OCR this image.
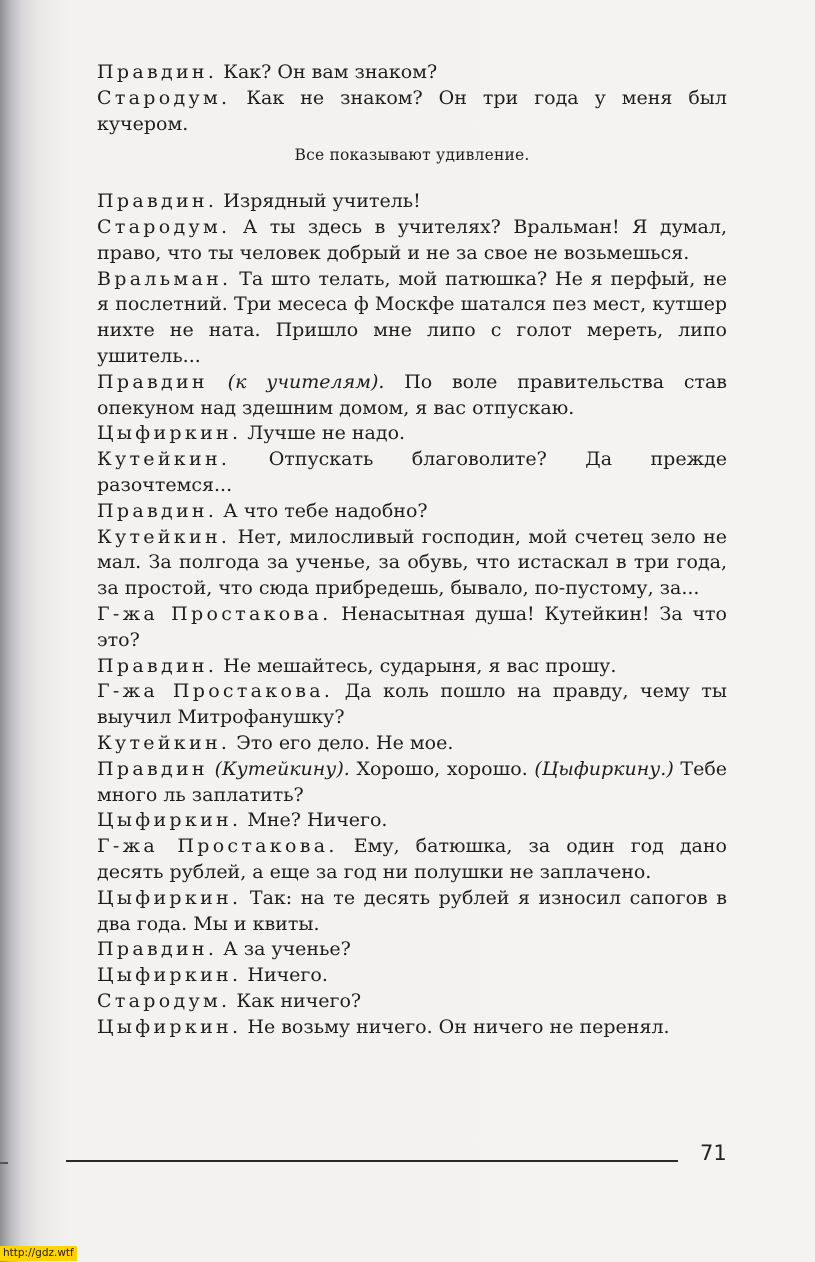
Правдин. Как? Он вам знаком?

Стародум. Как не знаком? Он три года у меня был кучером.

Все показывают удивление.

Правдин. Изрядный учитель!

Стародум. А ты здесь в учителях? Вральман! Я думал, право, что ты человек добрый и не за свое не возьмешься.

Вральман. Та што телать, мой патюшка? Не я перфый, не я послетний. Три месеса ф Москфе шатался пез мест, кутшер нихте не ната. Пришло мне липо с голот мереть, липо ушитель...

Правдин (к учителям). По воле правительства став опекуном над здешним домом, я вас отпускаю.

Цыфиркин. Лучше не надо.

Кутейкин. Отпускать благоволите? Да прежде разочтемся...

Правдин. А что тебе надобно?

Кутейкин. Нет, милосливый господин, мой счетец зело не мал. За полгода за ученье, за обувь, что истаскал в три года, за простой, что сюда прибредешь, бывало, по-пустому, за...

Г-жа Простакова. Ненасытная душа! Кутейкин! За что это?

Правдин. Не мешайтесь, сударыня, я вас прошу.

Г-жа Простакова. Да коль пошло на правду, чему ты выучил Митрофанушку?

Кутейкин. Это его дело. Не мое.

Правдин (Кутейкину). Хорошо, хорошо. (Цыфиркину.) Тебе много ль заплатить?

Цыфиркин. Мне? Ничего.

Г-жа Простакова. Ему, батюшка, за один год дано десять рублей, а еще за год ни полушки не заплачено.

Цыфиркин. Так: на те десять рублей я износил сапогов в два года. Мы и квиты.

Правдин. А за ученье?

Цыфиркин. Ничего.

Стародум. Как ничего?

Цыфиркин. Не возьму ничего. Он ничего не перенял.

71
http://gdz.wtf
